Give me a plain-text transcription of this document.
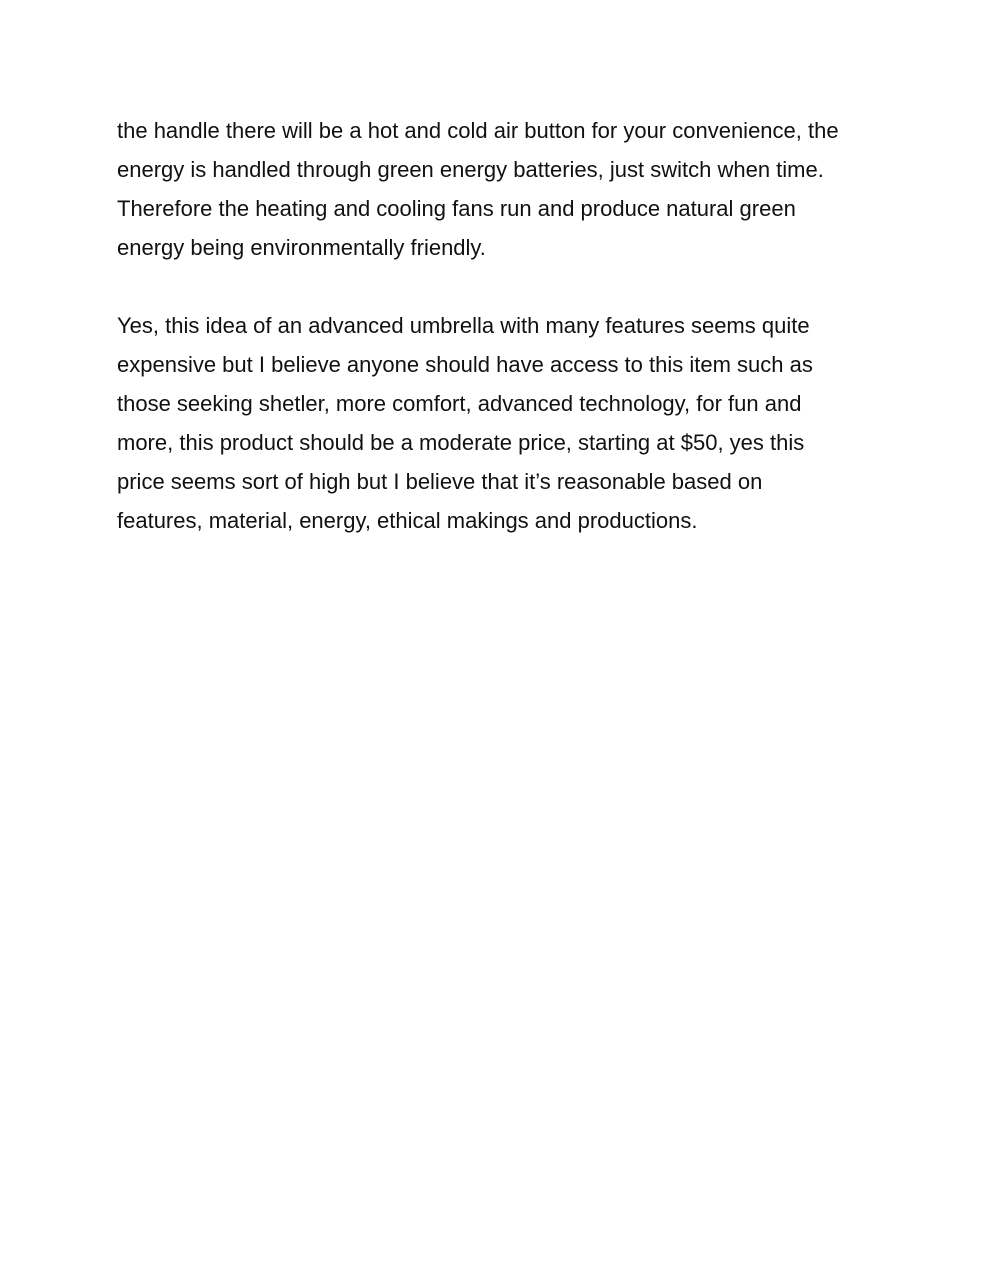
the handle there will be a hot and cold air button for your convenience, the
energy is handled through green energy batteries, just switch when time.
Therefore the heating and cooling fans run and produce natural green
energy being environmentally friendly.
Yes, this idea of an advanced umbrella with many features seems quite
expensive but I believe anyone should have access to this item such as
those seeking shetler, more comfort, advanced technology, for fun and
more, this product should be a moderate price, starting at $50, yes this
price seems sort of high but I believe that it’s reasonable based on
features, material, energy, ethical makings and productions.
